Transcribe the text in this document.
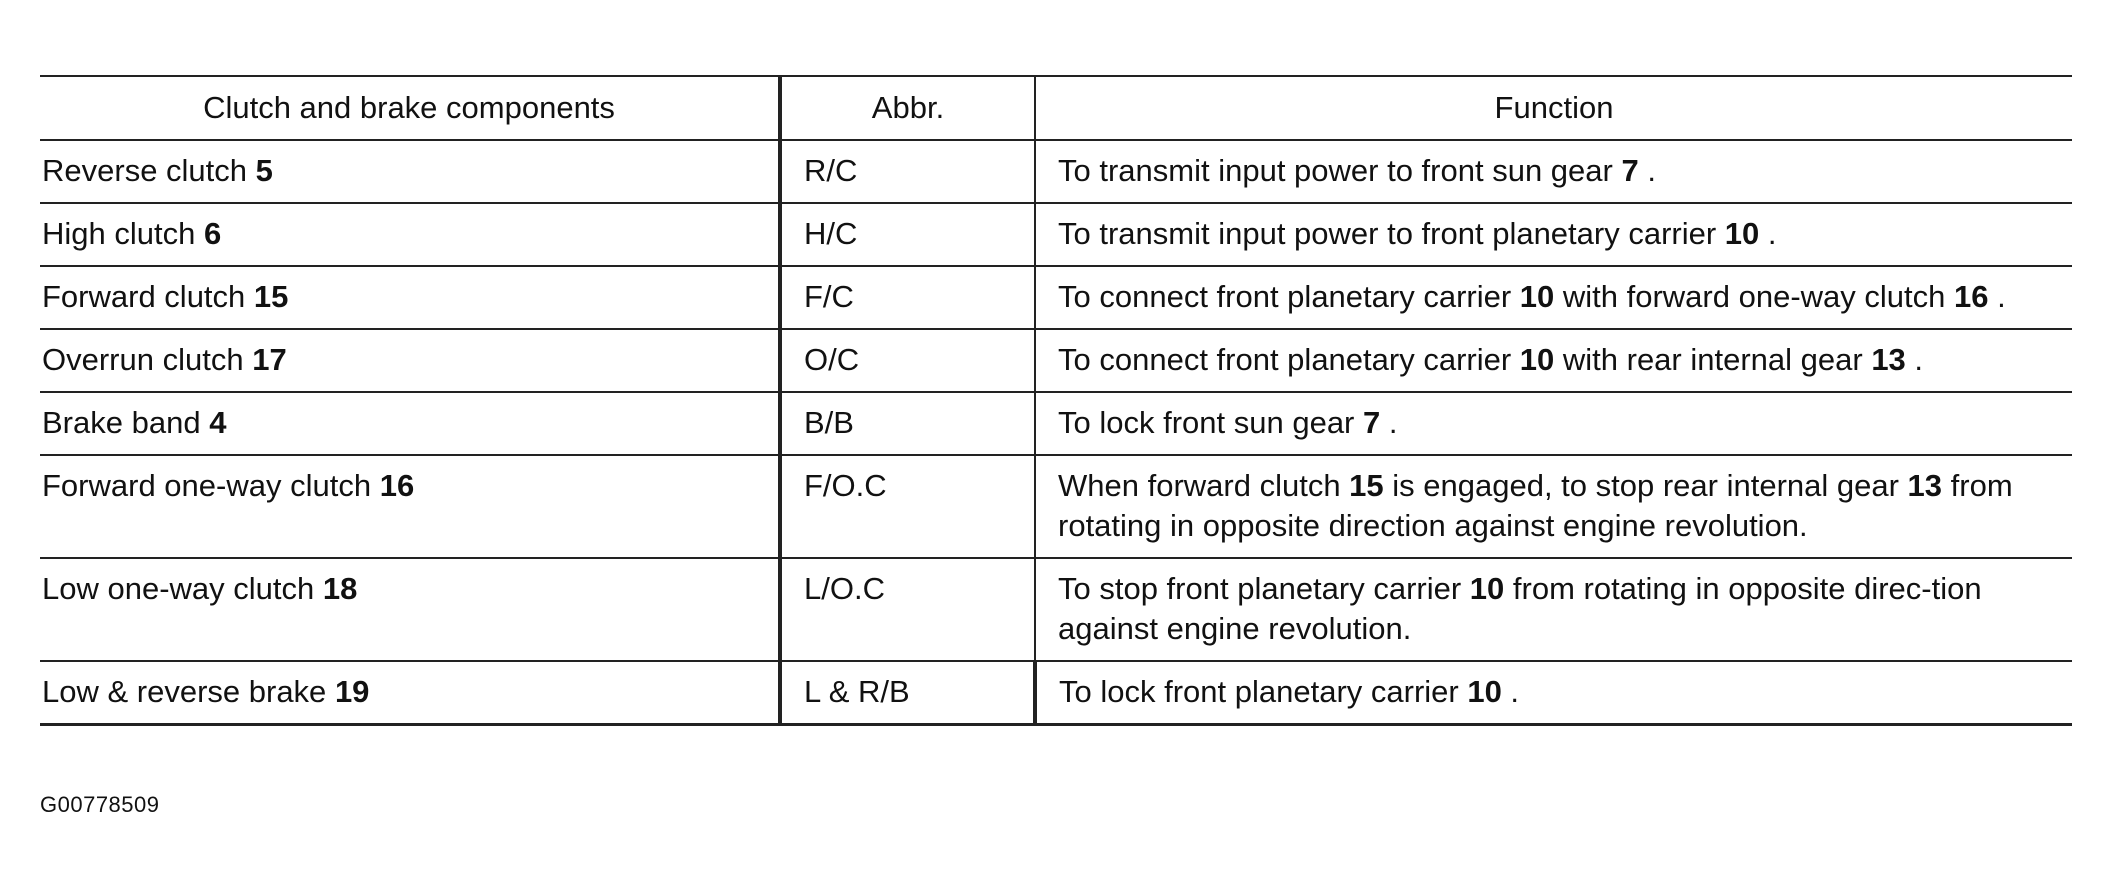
Clutch and brake components	Abbr.	Function
Reverse clutch 5	R/C	To transmit input power to front sun gear 7 .
High clutch 6	H/C	To transmit input power to front planetary carrier 10 .
Forward clutch 15	F/C	To connect front planetary carrier 10 with forward one-way clutch 16 .
Overrun clutch 17	O/C	To connect front planetary carrier 10 with rear internal gear 13 .
Brake band 4	B/B	To lock front sun gear 7 .
Forward one-way clutch 16	F/O.C	When forward clutch 15 is engaged, to stop rear internal gear 13 from rotating in opposite direction against engine revolution.
Low one-way clutch 18	L/O.C	To stop front planetary carrier 10 from rotating in opposite direc-tion against engine revolution.
Low & reverse brake 19	L & R/B	To lock front planetary carrier 10 .
G00778509
